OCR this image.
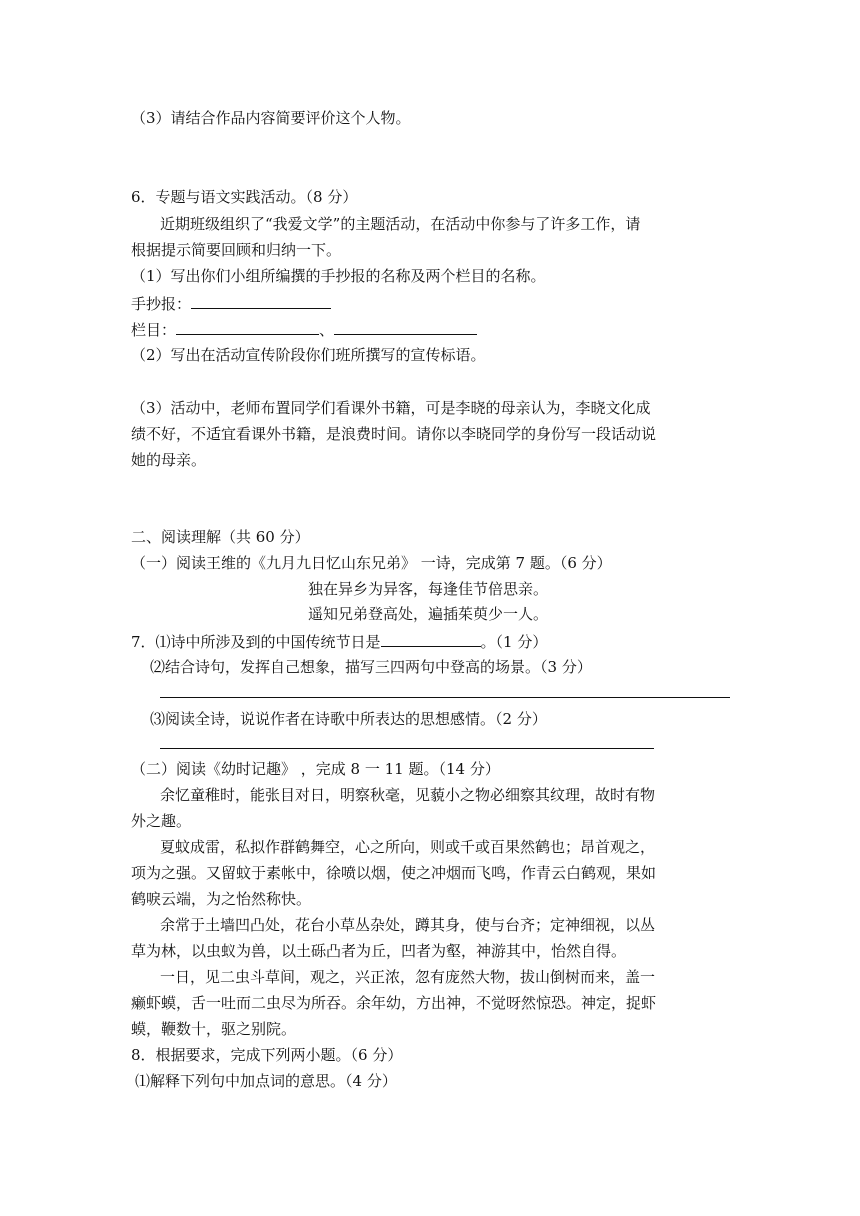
（3）请结合作品内容简要评价这个人物。
6．专题与语文实践活动。（8 分）
近期班级组织了“我爱文学”的主题活动，在活动中你参与了许多工作，请
根据提示简要回顾和归纳一下。
（1）写出你们小组所编撰的手抄报的名称及两个栏目的名称。
手抄报：
栏目：	、
（2）写出在活动宣传阶段你们班所撰写的宣传标语。
（3）活动中，老师布置同学们看课外书籍，可是李晓的母亲认为，李晓文化成
绩不好，不适宜看课外书籍，是浪费时间。请你以李晓同学的身份写一段话动说
她的母亲。
二、阅读理解（共 60 分）
（一）阅读王维的《九月九日忆山东兄弟》 一诗，完成第 7 题。（6 分）
独在异乡为异客，每逢佳节倍思亲。
遥知兄弟登高处，遍插茱萸少一人。
7．⑴诗中所涉及到的中国传统节日是	。（1 分）
⑵结合诗句，发挥自己想象，描写三四两句中登高的场景。（3 分）
⑶阅读全诗，说说作者在诗歌中所表达的思想感情。（2 分）
（二）阅读《幼时记趣》 ，完成 8 一 11 题。（14 分）
余忆童稚时，能张目对日，明察秋毫，见藐小之物必细察其纹理，故时有物
外之趣。
夏蚊成雷，私拟作群鹤舞空，心之所向，则或千或百果然鹤也；昂首观之，
项为之强。又留蚊于素帐中，徐喷以烟，使之冲烟而飞鸣，作青云白鹤观，果如
鹤唳云端，为之怡然称快。
余常于土墙凹凸处，花台小草丛杂处，蹲其身，使与台齐；定神细视，以丛
草为林，以虫蚁为兽，以土砾凸者为丘，凹者为壑，神游其中，怡然自得。
一日，见二虫斗草间，观之，兴正浓，忽有庞然大物，拔山倒树而来，盖一
癞虾蟆，舌一吐而二虫尽为所吞。余年幼，方出神，不觉呀然惊恐。神定，捉虾
蟆，鞭数十，驱之别院。
8．根据要求，完成下列两小题。（6 分）
⑴解释下列句中加点词的意思。（4 分）
